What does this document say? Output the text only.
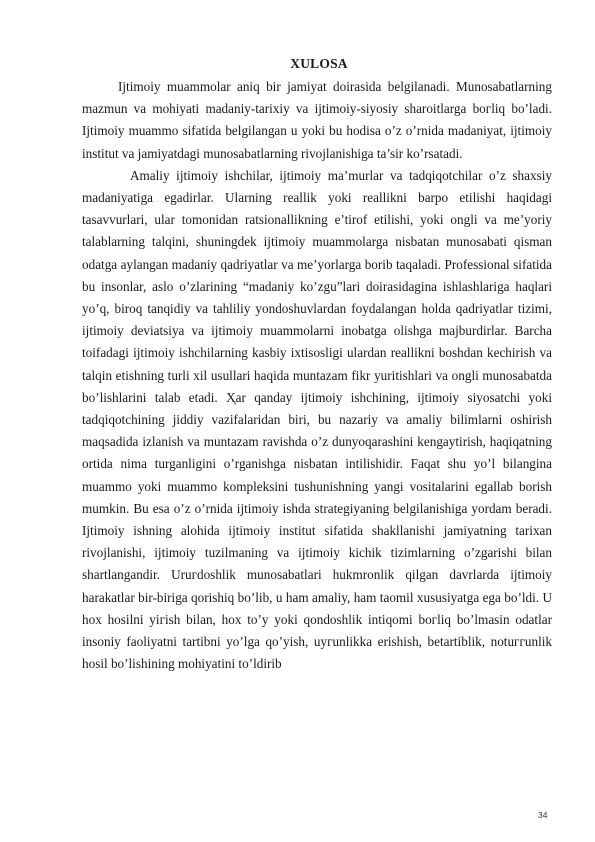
XULOSA

Ijtimoiy muammolar aniq bir jamiyat doirasida belgilanadi. Munosabatlarning mazmun va mohiyati madaniy-tarixiy va ijtimoiy-siyosiy sharoitlarga boгliq bo’ladi. Ijtimoiy muammo sifatida belgilangan u yoki bu hodisa o’z o’rnida madaniyat, ijtimoiy institut va jamiyatdagi munosabatlarning rivojlanishiga ta’sir ko’rsatadi.

Amaliy ijtimoiy ishchilar, ijtimoiy ma’murlar va tadqiqotchilar o’z shaxsiy madaniyatiga egadirlar. Ularning reallik yoki reallikni barpo etilishi haqidagi tasavvurlari, ular tomonidan ratsionallikning e’tirof etilishi, yoki ongli va me’yoriy talablarning talqini, shuningdek ijtimoiy muammolarga nisbatan munosabati qisman odatga aylangan madaniy qadriyatlar va me’yorlarga borib taqaladi. Professional sifatida bu insonlar, aslo o’zlarining “madaniy ko’zgu”lari doirasidagina ishlashlariga haqlari yo’q, biroq tanqidiy va tahliliy yondoshuvlardan foydalangan holda qadriyatlar tizimi, ijtimoiy deviatsiya va ijtimoiy muammolarni inobatga olishga majburdirlar. Barcha toifadagi ijtimoiy ishchilarning kasbiy ixtisosligi ulardan reallikni boshdan kechirish va talqin etishning turli xil usullari haqida muntazam fikr yuritishlari va ongli munosabatda bo’lishlarini talab etadi. Ҳar qanday ijtimoiy ishchining, ijtimoiy siyosatchi yoki tadqiqotchining jiddiy vazifalaridan biri, bu nazariy va amaliy bilimlarni oshirish maqsadida izlanish va muntazam ravishda o’z dunyoqarashini kengaytirish, haqiqatning ortida nima turganligini o’rganishga nisbatan intilishidir. Faqat shu yo’l bilangina muammo yoki muammo kompleksini tushunishning yangi vositalarini egallab borish mumkin. Bu esa o’z o’rnida ijtimoiy ishda strategiyaning belgilanishiga yordam beradi. Ijtimoiy ishning alohida ijtimoiy institut sifatida shakllanishi jamiyatning tarixan rivojlanishi, ijtimoiy tuzilmaning va ijtimoiy kichik tizimlarning o’zgarishi bilan shartlangandir. Uruгdoshlik munosabatlari hukmronlik qilgan davrlarda ijtimoiy harakatlar bir-biriga qorishiq bo’lib, u ham amaliy, ham taomil xususiyatga ega bo’ldi. U hox hosilni yiгish bilan, hox to’y yoki qondoshlik intiqomi boгliq bo’lmasin odatlar insoniy faoliyatni tartibni yo’lga qo’yish, uyгunlikka erishish, betartiblik, notuггunlik hosil bo’lishining mohiyatini to’ldirib

34
